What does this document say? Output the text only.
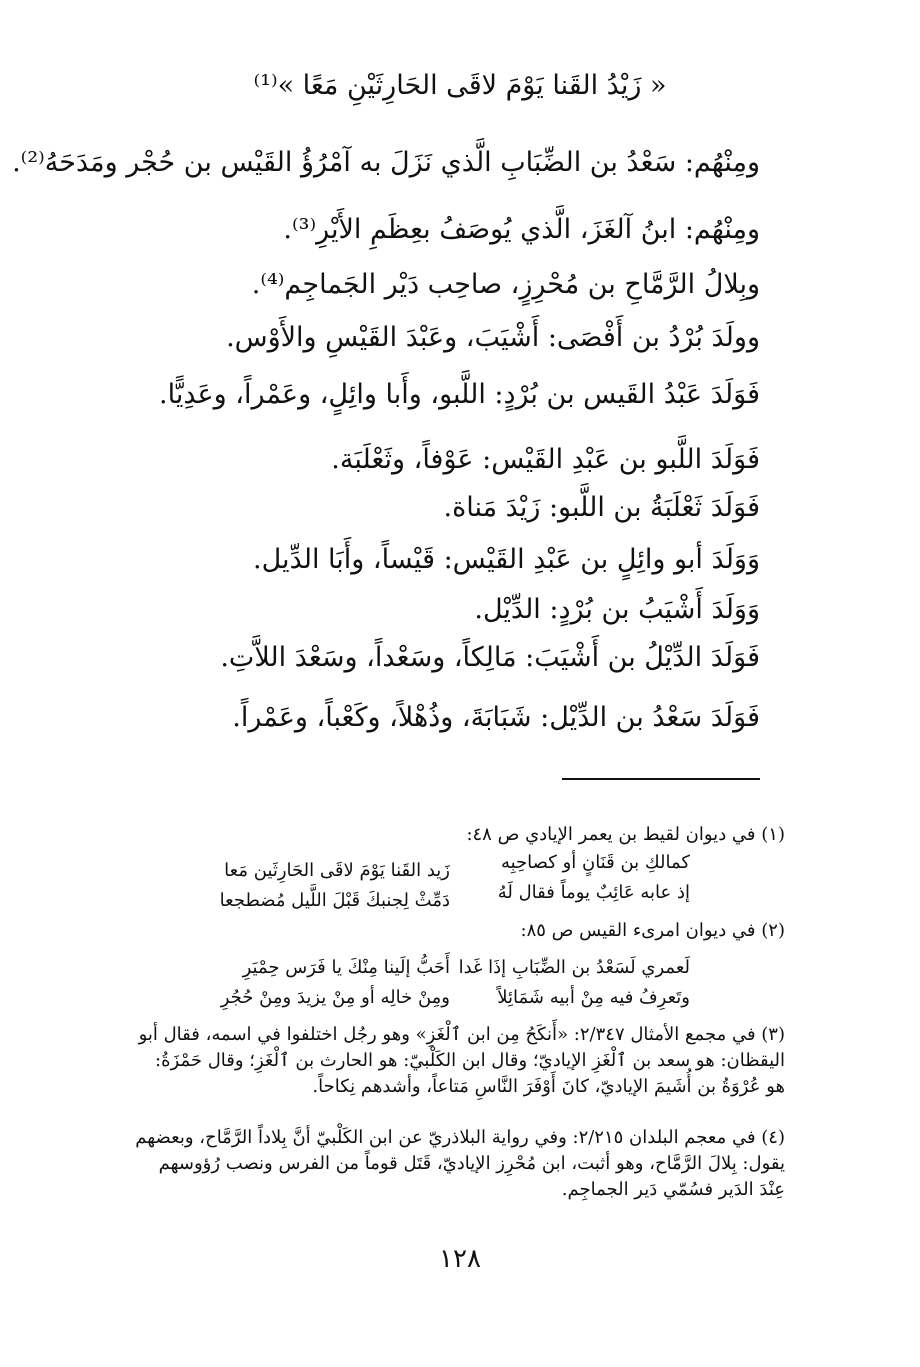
« زَيْدُ القَنا يَوْمَ لاقَى الحَارِثَيْنِ مَعًا »⁽¹⁾
ومِنْهُم: سَعْدُ بن الضِّبَابِ الَّذي نَزَلَ به آمْرُؤُ القَيْس بن حُجْر ومَدَحَهُ⁽²⁾.
ومِنْهُم: ابنُ آلغَزَ، الَّذي يُوصَفُ بعِظَمِ الأَيْرِ⁽³⁾.
وبِلالُ الرَّمَّاحِ بن مُحْرِزٍ، صاحِب دَيْر الجَماجِم⁽⁴⁾.
وولَدَ بُرْدُ بن أَفْصَى: أَشْيَبَ، وعَبْدَ القَيْسِ والأَوْس.
فَوَلَدَ عَبْدُ القَيس بن بُرْدٍ: اللَّبو، وأَبا وائِلٍ، وعَمْراً، وعَدِيًّا.
فَوَلَدَ اللَّبو بن عَبْدِ القَيْس: عَوْفاً، وثَعْلَبَة.
فَوَلَدَ ثَعْلَبَةُ بن اللَّبو: زَيْدَ مَناة.
وَوَلَدَ أبو وائِلٍ بن عَبْدِ القَيْس: قَيْساً، وأَبَا الدِّيل.
وَوَلَدَ أَشْيَبُ بن بُرْدٍ: الدِّيْل.
فَوَلَدَ الدِّيْلُ بن أَشْيَبَ: مَالِكاً، وسَعْداً، وسَعْدَ اللاَّتِ.
فَوَلَدَ سَعْدُ بن الدِّيْل: شَبَابَةَ، وذُهْلاً، وكَعْباً، وعَمْراً.
(١) في ديوان لقيط بن يعمر الإيادي ص ٤٨:
كمالكِ بن قَنَانٍ أو كصاحِبِه
زَيد القَنا يَوْمَ لاقَى الحَارِثَين مَعا
إذ عابه عَائِبٌ يوماً فقال لَهُ
دَمِّثْ لِجنبكَ قَبْلَ اللَّيل مُضطجعا
(٢) في ديوان امرىء القيس ص ٨٥:
لَعمري لَسَعْدُ بن الضِّبَابِ إذَا غَدا
أَحَبُّ إلَينا مِنْكَ يا فَرَس حِمْيَرِ
وتَعرِفُ فيه مِنْ أبيه شَمَائِلاً
ومِنْ خالِه أو مِنْ يزيدَ ومِنْ حُجُرِ
(٣) في مجمع الأمثال ٢/٣٤٧: «أَنكَحُ مِن ابن ٱلْغَزِ» وهو رجُل اختلفوا في اسمه، فقال أبو اليقظان: هو سعد بن ٱلْغَزِ الإياديّ؛ وقال ابن الكَلْبيّ: هو الحارث بن ٱلْغَزِ؛ وقال حَمْزَةُ: هو عُرْوَةُ بن أُشَيمَ الإياديّ، كانَ أَوْفَرَ النَّاسِ مَتاعاً، وأشدهم نِكاحاً.
(٤) في معجم البلدان ٢/٢١٥: وفي رواية البلاذريّ عن ابن الكَلْبيّ أنَّ بِلاداً الرَّمَّاح، وبعضهم يقول: بِلالَ الرَّمَّاح، وهو أثبت، ابن مُحْرِز الإياديّ، قَتَل قوماً من الفرس ونصب رُؤوسهم عِنْدَ الدَير فسُمّي دَير الجماجِم.
١٢٨
